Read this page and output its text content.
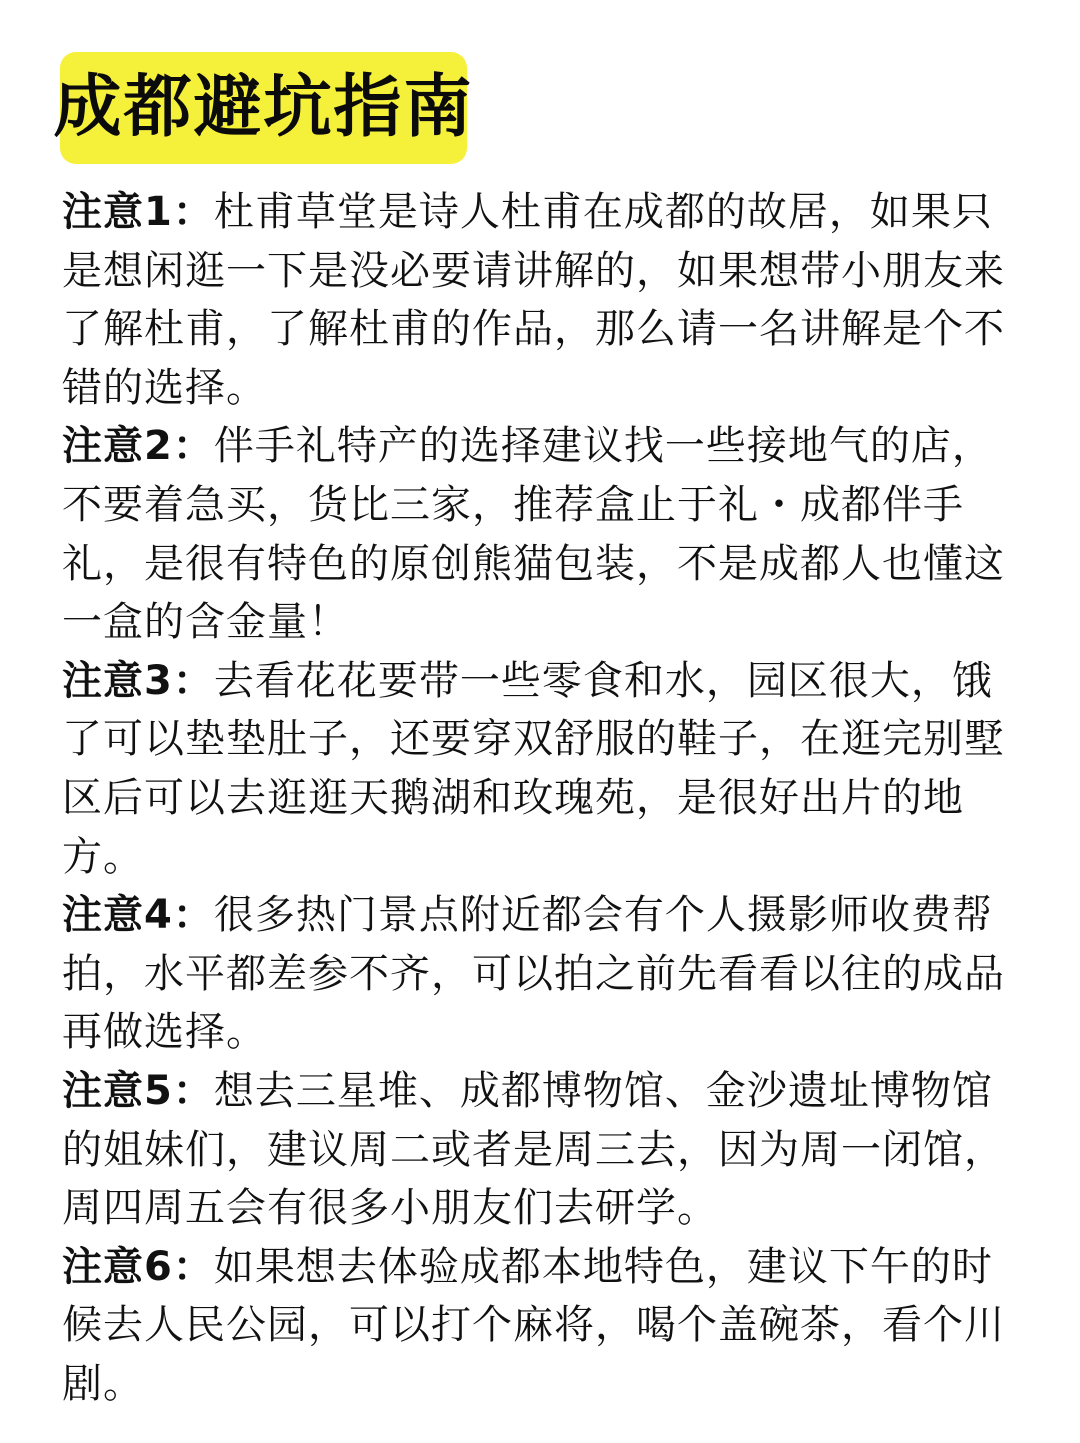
成都避坑指南
注意1：杜甫草堂是诗人杜甫在成都的故居，如果只是想闲逛一下是没必要请讲解的，如果想带小朋友来了解杜甫，了解杜甫的作品，那么请一名讲解是个不错的选择。
注意2：伴手礼特产的选择建议找一些接地气的店，不要着急买，货比三家，推荐盒止于礼・成都伴手礼，是很有特色的原创熊猫包装，不是成都人也懂这一盒的含金量！
注意3：去看花花要带一些零食和水，园区很大，饿了可以垫垫肚子，还要穿双舒服的鞋子，在逛完别墅区后可以去逛逛天鹅湖和玫瑰苑，是很好出片的地方。
注意4：很多热门景点附近都会有个人摄影师收费帮拍，水平都差参不齐，可以拍之前先看看以往的成品再做选择。
注意5：想去三星堆、成都博物馆、金沙遗址博物馆的姐妹们，建议周二或者是周三去，因为周一闭馆，周四周五会有很多小朋友们去研学。
注意6：如果想去体验成都本地特色，建议下午的时候去人民公园，可以打个麻将，喝个盖碗茶，看个川剧。
